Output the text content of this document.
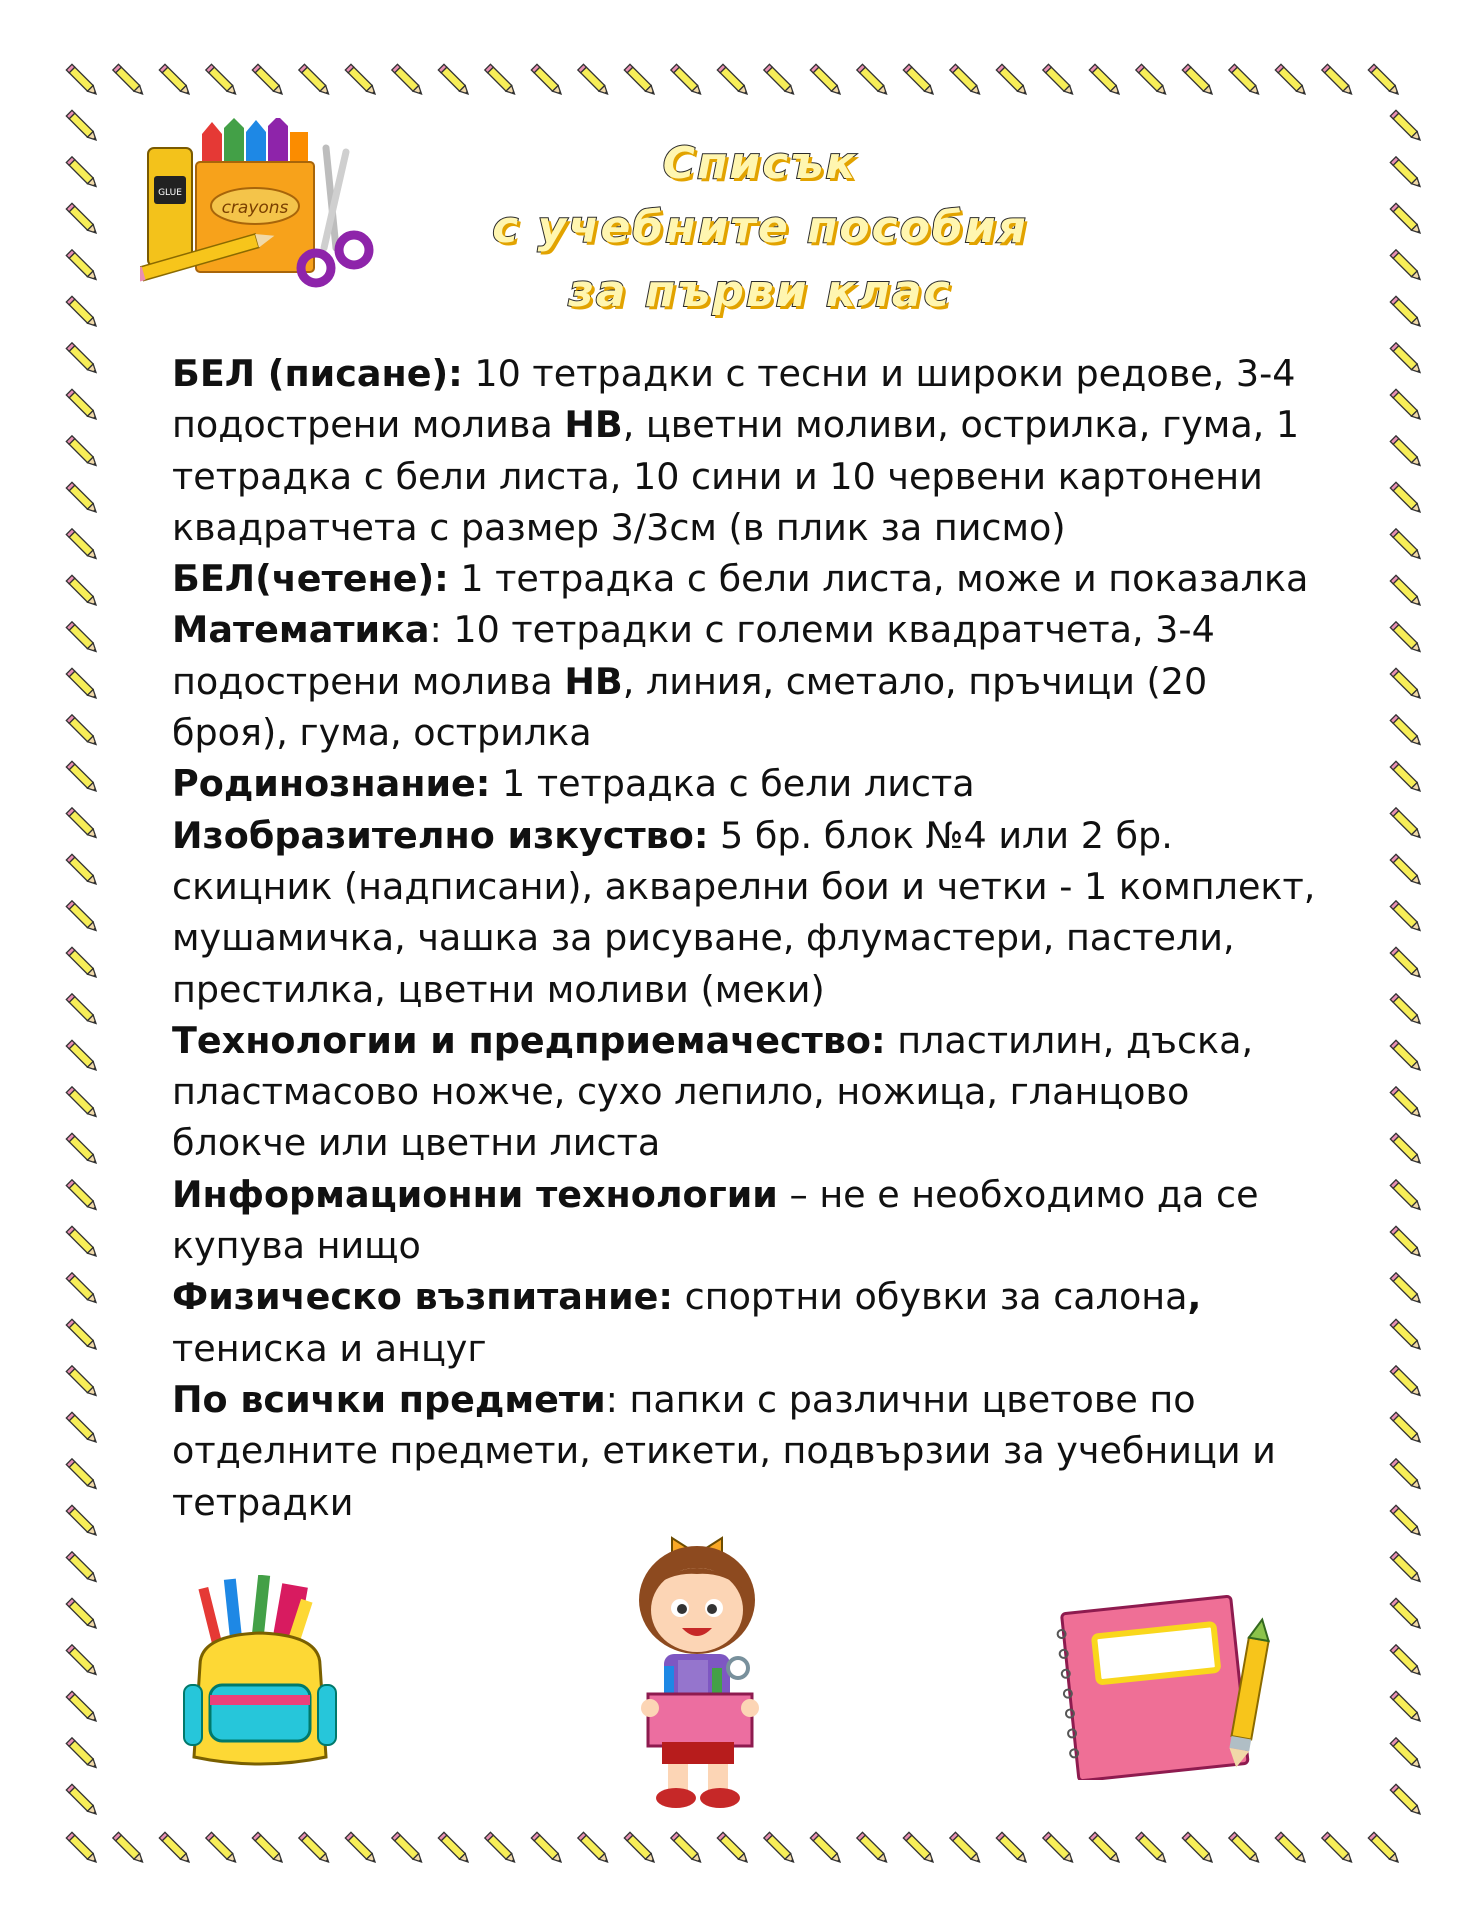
Списък
с учебните пособия
за първи клас
GLUE
crayons

БЕЛ (писане): 10 тетрадки с тесни и широки редове, 3-4 подострени молива НВ, цветни моливи, острилка, гума, 1 тетрадка с бели листа, 10 сини и 10 червени картонени квадратчета с размер 3/3см (в плик за писмо)

БЕЛ(четене): 1 тетрадка с бели листа, може и показалка

Математика: 10 тетрадки с големи квадратчета, 3-4 подострени молива НВ, линия, сметало, пръчици (20 броя), гума, острилка

Родинознание: 1 тетрадка с бели листа

Изобразително изкуство: 5 бр. блок №4 или 2 бр. скицник (надписани), акварелни бои и четки - 1 комплект, мушамичка, чашка за рисуване, флумастери, пастели, престилка, цветни моливи (меки)

Технологии и предприемачество: пластилин, дъска, пластмасово ножче, сухо лепило, ножица, гланцово блокче или цветни листа

Информационни технологии – не е необходимо да се купува нищо

Физическо възпитание: спортни обувки за салона, тениска и анцуг

По всички предмети: папки с различни цветове по отделните предмети, етикети, подвързии за учебници и тетрадки
